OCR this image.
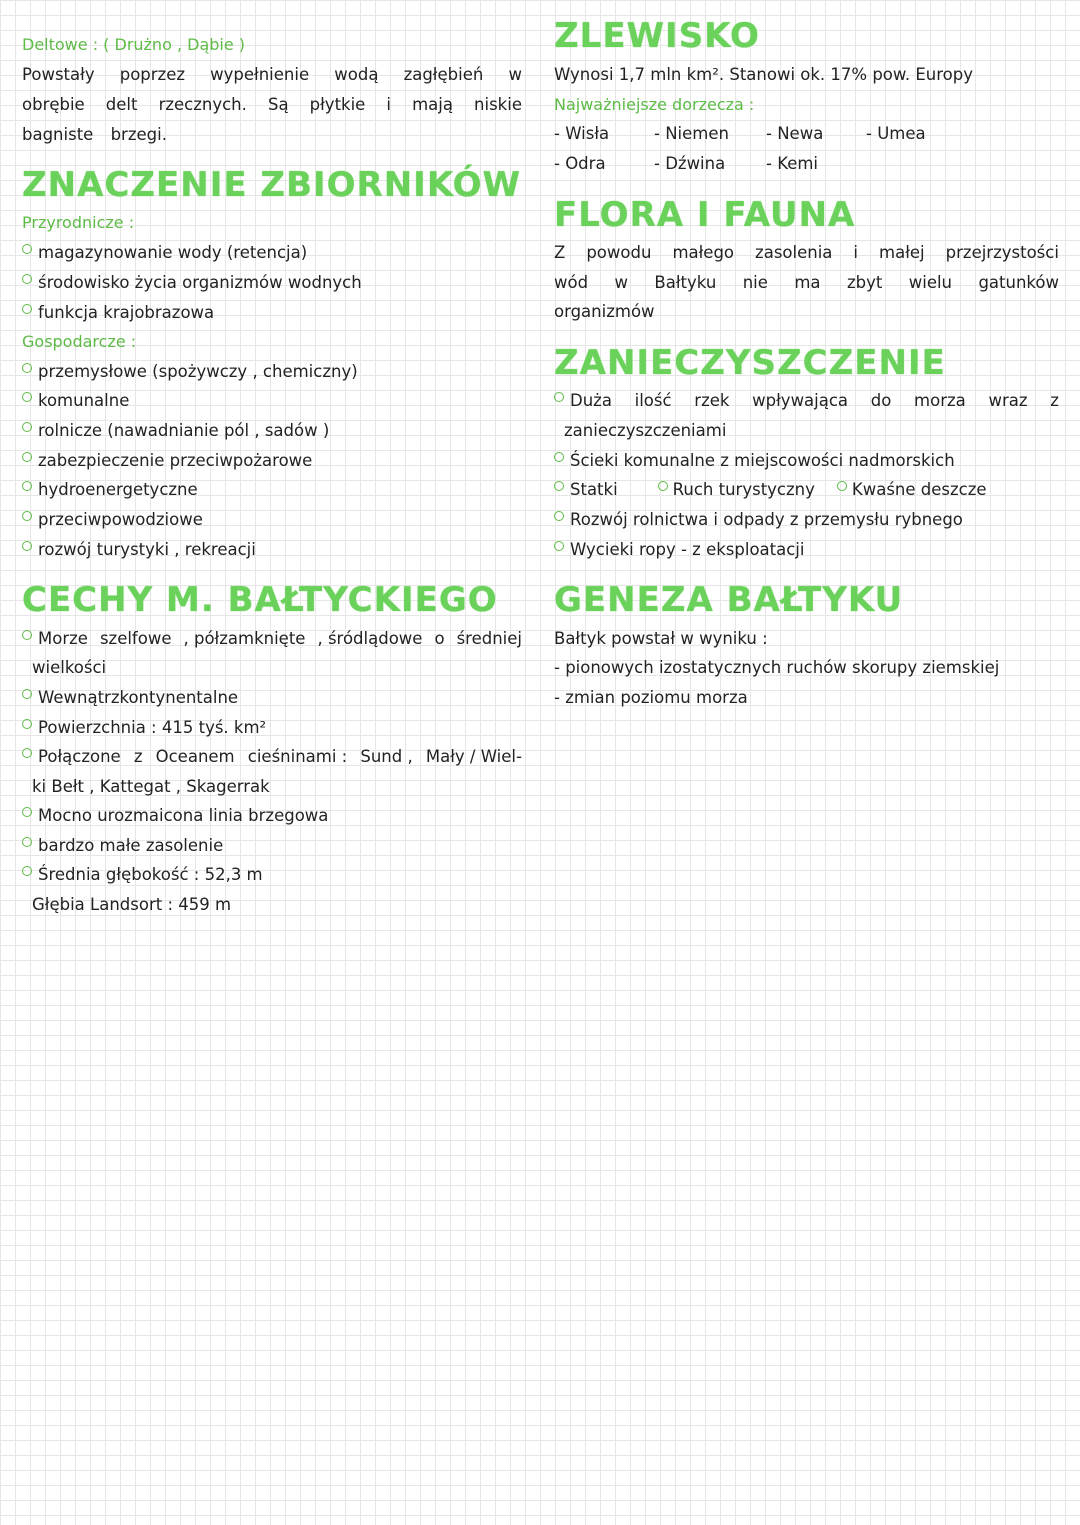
Deltowe : ( Drużno , Dąbie )
Powstały poprzez wypełnienie wodą zagłębień w
obrębie delt rzecznych. Są płytkie i mają niskie
bagniste brzegi.
ZNACZENIE ZBIORNIKÓW
Przyrodnicze :
magazynowanie wody (retencja)
środowisko życia organizmów wodnych
funkcja krajobrazowa
Gospodarcze :
przemysłowe (spożywczy , chemiczny)
komunalne
rolnicze (nawadnianie pól , sadów )
zabezpieczenie przeciwpożarowe
hydroenergetyczne
przeciwpowodziowe
rozwój turystyki , rekreacji
CECHY M. BAŁTYCKIEGO
Morze szelfowe , półzamknięte , śródlądowe o średniej
wielkości
Wewnątrzkontynentalne
Powierzchnia : 415 tyś. km²
Połączone z Oceanem cieśninami : Sund , Mały / Wiel-
ki Bełt , Kattegat , Skagerrak
Mocno urozmaicona linia brzegowa
bardzo małe zasolenie
Średnia głębokość : 52,3 m
Głębia Landsort : 459 m
ZLEWISKO
Wynosi 1,7 mln km². Stanowi ok. 17% pow. Europy
Najważniejsze dorzecza :
- Wisła	- Niemen - Newa	- Umea
- Odra	- Dźwina - Kemi
FLORA I FAUNA
Z powodu małego zasolenia i małej przejrzystości
wód w Bałtyku nie ma zbyt wielu gatunków
organizmów
ZANIECZYSZCZENIE
Duża ilość rzek wpływająca do morza wraz z
zanieczyszczeniami
Ścieki komunalne z miejscowości nadmorskich
Statki	Ruch turystyczny Kwaśne deszcze
Rozwój rolnictwa i odpady z przemysłu rybnego
Wycieki ropy - z eksploatacji
GENEZA BAŁTYKU
Bałtyk powstał w wyniku :
- pionowych izostatycznych ruchów skorupy ziemskiej
- zmian poziomu morza
